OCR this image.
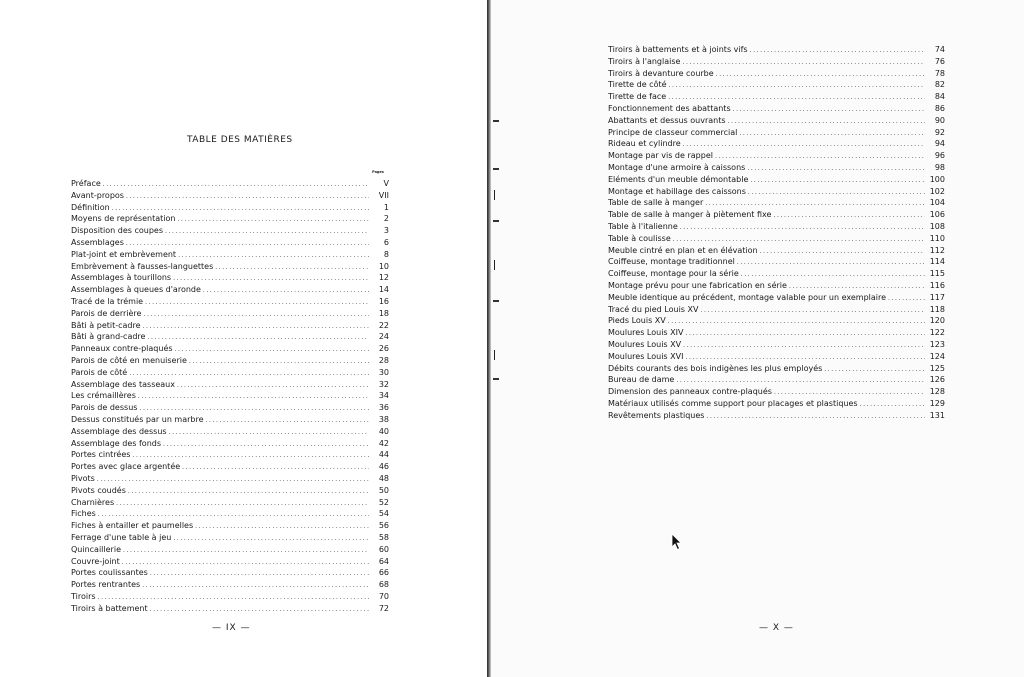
TABLE DES MATIÈRES
Pages
Préface .....	V
Avant-propos .....	VII
Définition .....	1
Moyens de représentation .....	2
Disposition des coupes .....	3
Assemblages .....	6
Plat-joint et embrèvement .....	8
Embrèvement à fausses-languettes .....	10
Assemblages à tourillons .....	12
Assemblages à queues d'aronde .....	14
Tracé de la trémie .....	16
Parois de derrière .....	18
Bâti à petit-cadre .....	22
Bâti à grand-cadre .....	24
Panneaux contre-plaqués .....	26
Parois de côté en menuiserie .....	28
Parois de côté .....	30
Assemblage des tasseaux .....	32
Les crémaillères .....	34
Parois de dessus .....	36
Dessus constitués par un marbre .....	38
Assemblage des dessus .....	40
Assemblage des fonds .....	42
Portes cintrées .....	44
Portes avec glace argentée .....	46
Pivots .....	48
Pivots coudés .....	50
Charnières .....	52
Fiches .....	54
Fiches à entailler et paumelles .....	56
Ferrage d'une table à jeu .....	58
Quincaillerie .....	60
Couvre-joint .....	64
Portes coulissantes .....	66
Portes rentrantes .....	68
Tiroirs .....	70
Tiroirs à battement .....	72
— IX —
Tiroirs à battements et à joints vifs .....	74
Tiroirs à l'anglaise .....	76
Tiroirs à devanture courbe .....	78
Tirette de côté .....	82
Tirette de face .....	84
Fonctionnement des abattants .....	86
Abattants et dessus ouvrants .....	90
Principe de classeur commercial .....	92
Rideau et cylindre .....	94
Montage par vis de rappel .....	96
Montage d'une armoire à caissons .....	98
Eléments d'un meuble démontable .....	100
Montage et habillage des caissons .....	102
Table de salle à manger .....	104
Table de salle à manger à piètement fixe .....	106
Table à l'italienne .....	108
Table à coulisse .....	110
Meuble cintré en plan et en élévation .....	112
Coiffeuse, montage traditionnel .....	114
Coiffeuse, montage pour la série .....	115
Montage prévu pour une fabrication en série .....	116
Meuble identique au précédent, montage valable pour un exemplaire .....	117
Tracé du pied Louis XV .....	118
Pieds Louis XV .....	120
Moulures Louis XIV .....	122
Moulures Louis XV .....	123
Moulures Louis XVI .....	124
Débits courants des bois indigènes les plus employés .....	125
Bureau de dame .....	126
Dimension des panneaux contre-plaqués .....	128
Matériaux utilisés comme support pour placages et plastiques .....	129
Revêtements plastiques .....	131
— X —
